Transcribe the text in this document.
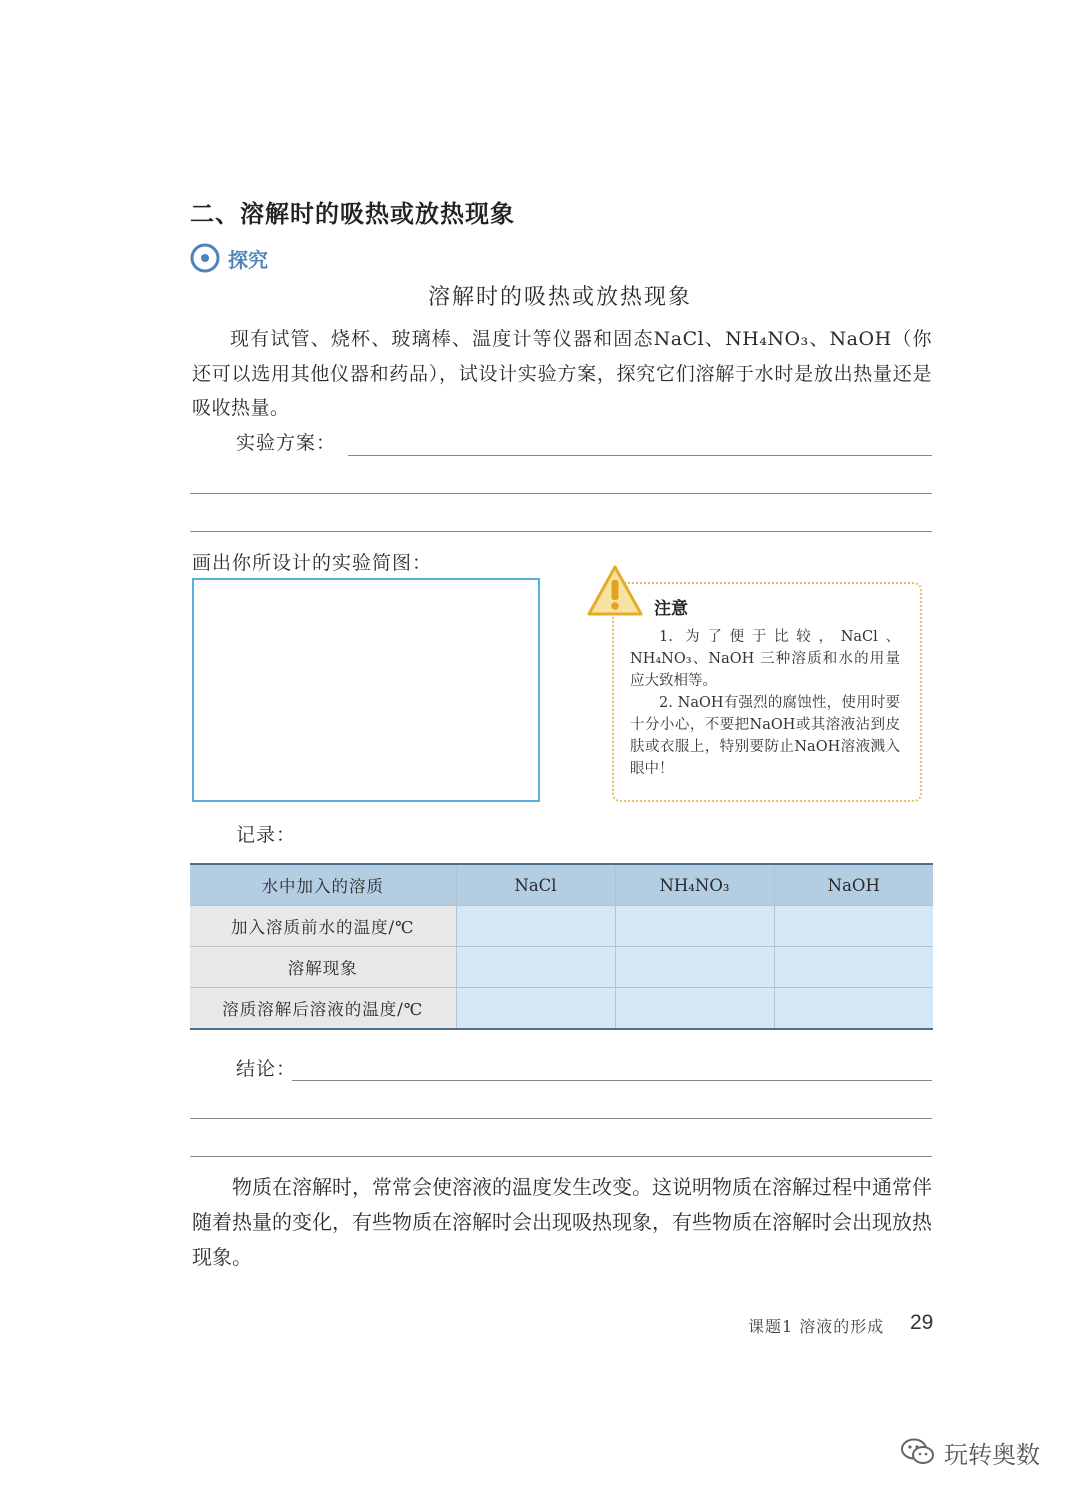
二、溶解时的吸热或放热现象
探究
溶解时的吸热或放热现象
现有试管、烧杯、玻璃棒、温度计等仪器和固态NaCl、NH₄NO₃、NaOH（你还可以选用其他仪器和药品），试设计实验方案，探究它们溶解于水时是放出热量还是吸收热量。
实验方案：
画出你所设计的实验简图：
注意

1. 为了便于比较，NaCl、NH₄NO₃、NaOH 三种溶质和水的用量应大致相等。

2. NaOH有强烈的腐蚀性，使用时要十分小心，不要把NaOH或其溶液沾到皮肤或衣服上，特别要防止NaOH溶液溅入眼中！

记录：
水中加入的溶质	NaCl	NH₄NO₃	NaOH
加入溶质前水的温度/℃			
溶解现象			
溶质溶解后溶液的温度/℃			
结论：
物质在溶解时，常常会使溶液的温度发生改变。这说明物质在溶解过程中通常伴随着热量的变化，有些物质在溶解时会出现吸热现象，有些物质在溶解时会出现放热现象。
课题1 溶液的形成 29
玩转奥数
